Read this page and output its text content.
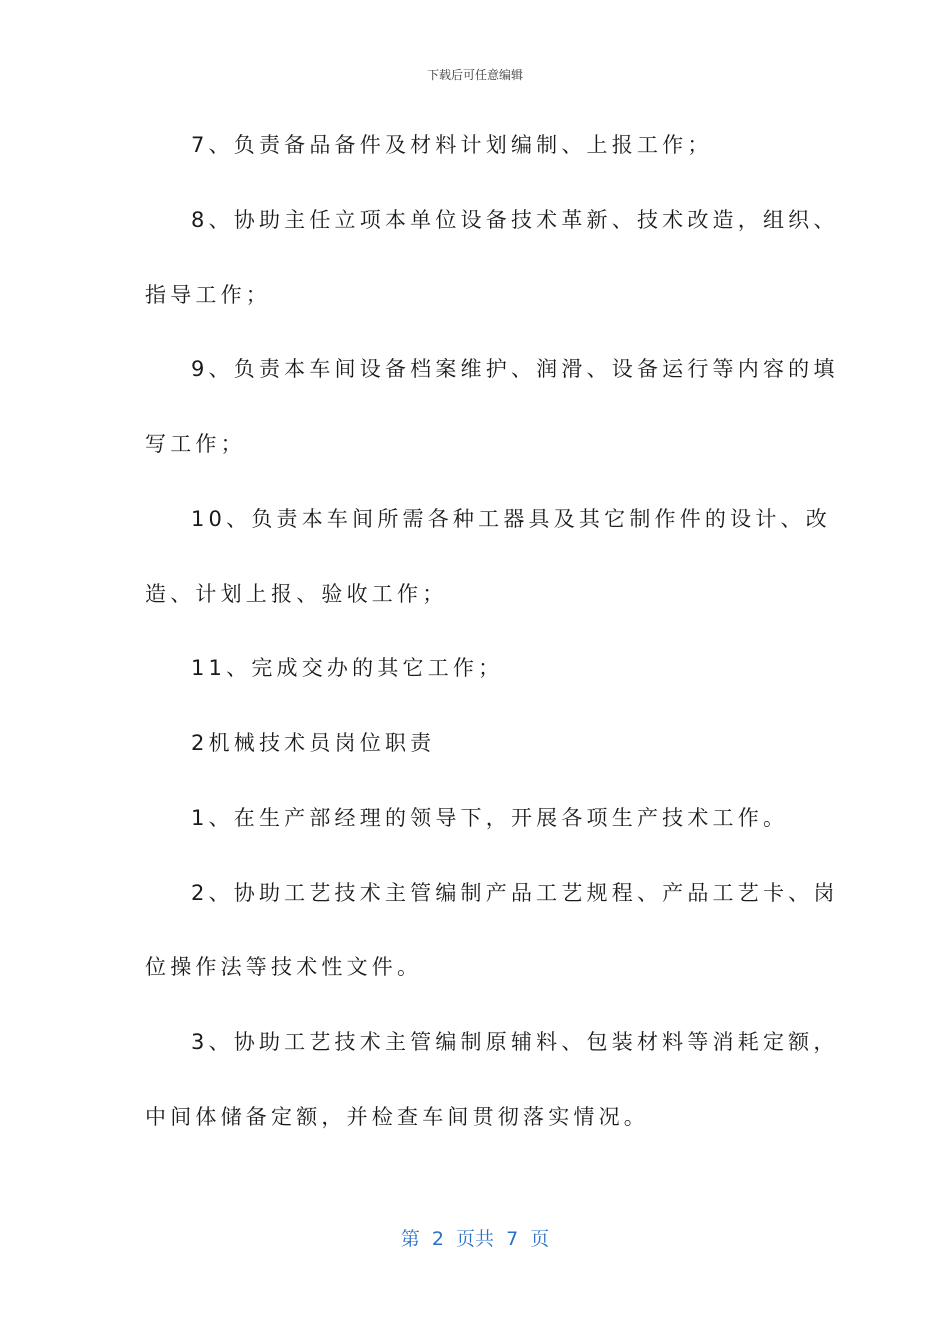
下载后可任意编辑
7、负责备品备件及材料计划编制、上报工作；
8、协助主任立项本单位设备技术革新、技术改造，组织、
指导工作；
9、负责本车间设备档案维护、润滑、设备运行等内容的填
写工作；
10、负责本车间所需各种工器具及其它制作件的设计、改
造、计划上报、验收工作；
11、完成交办的其它工作；
2机械技术员岗位职责
1、在生产部经理的领导下，开展各项生产技术工作。
2、协助工艺技术主管编制产品工艺规程、产品工艺卡、岗
位操作法等技术性文件。
3、协助工艺技术主管编制原辅料、包装材料等消耗定额，
中间体储备定额，并检查车间贯彻落实情况。
第  2  页共  7  页
